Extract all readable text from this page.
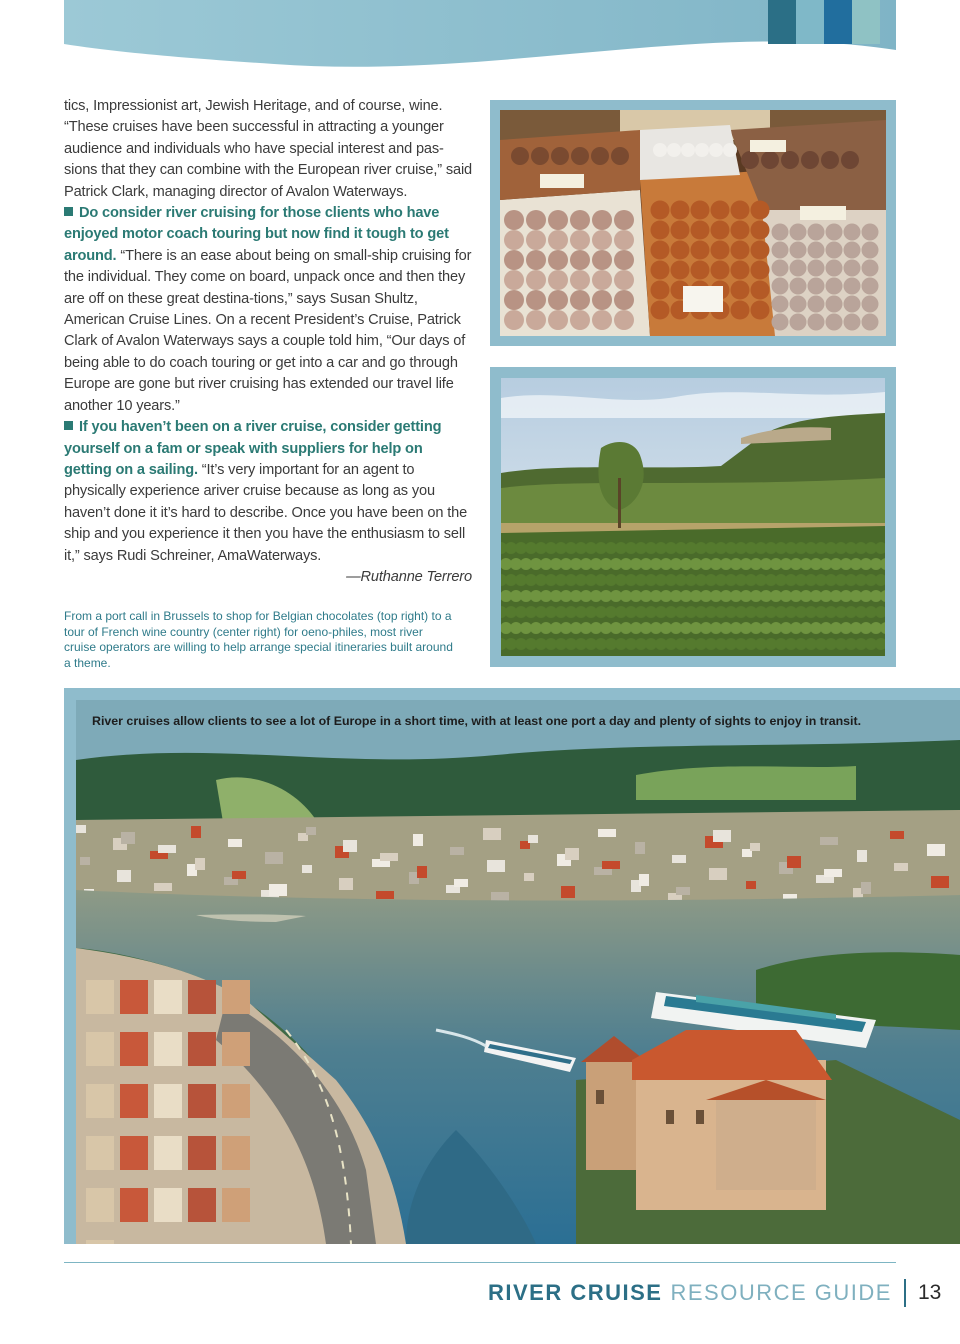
tics, Impressionist art, Jewish Heritage, and of course, wine. “These cruises have been successful in attracting a younger audience and individuals who have special interest and pas-sions that they can combine with the European river cruise,” said Patrick Clark, managing director of Avalon Waterways.

Do consider river cruising for those clients who have enjoyed motor coach touring but now find it tough to get around. “There is an ease about being on small-ship cruising for the individual. They come on board, unpack once and then they are off on these great destina-tions,” says Susan Shultz, American Cruise Lines. On a recent President’s Cruise, Patrick Clark of Avalon Waterways says a couple told him, “Our days of being able to do coach touring or get into a car and go through Europe are gone but river cruising has extended our travel life another 10 years.”

If you haven’t been on a river cruise, consider getting yourself on a fam or speak with suppliers for help on getting on a sailing. “It’s very important for an agent to physically experience ariver cruise because as long as you haven’t done it it’s hard to describe. Once you have been on the ship and you experience it then you have the enthusiasm to sell it,” says Rudi Schreiner, AmaWaterways.

—Ruthanne Terrero

From a port call in Brussels to shop for Belgian chocolates (top right) to a tour of French wine country (center right) for oeno-philes, most river cruise operators are willing to help arrange special itineraries built around a theme.
River cruises allow clients to see a lot of Europe in a short time, with at least one port a day and plenty of sights to enjoy in transit.
RIVER CRUISE RESOURCE GUIDE 13
